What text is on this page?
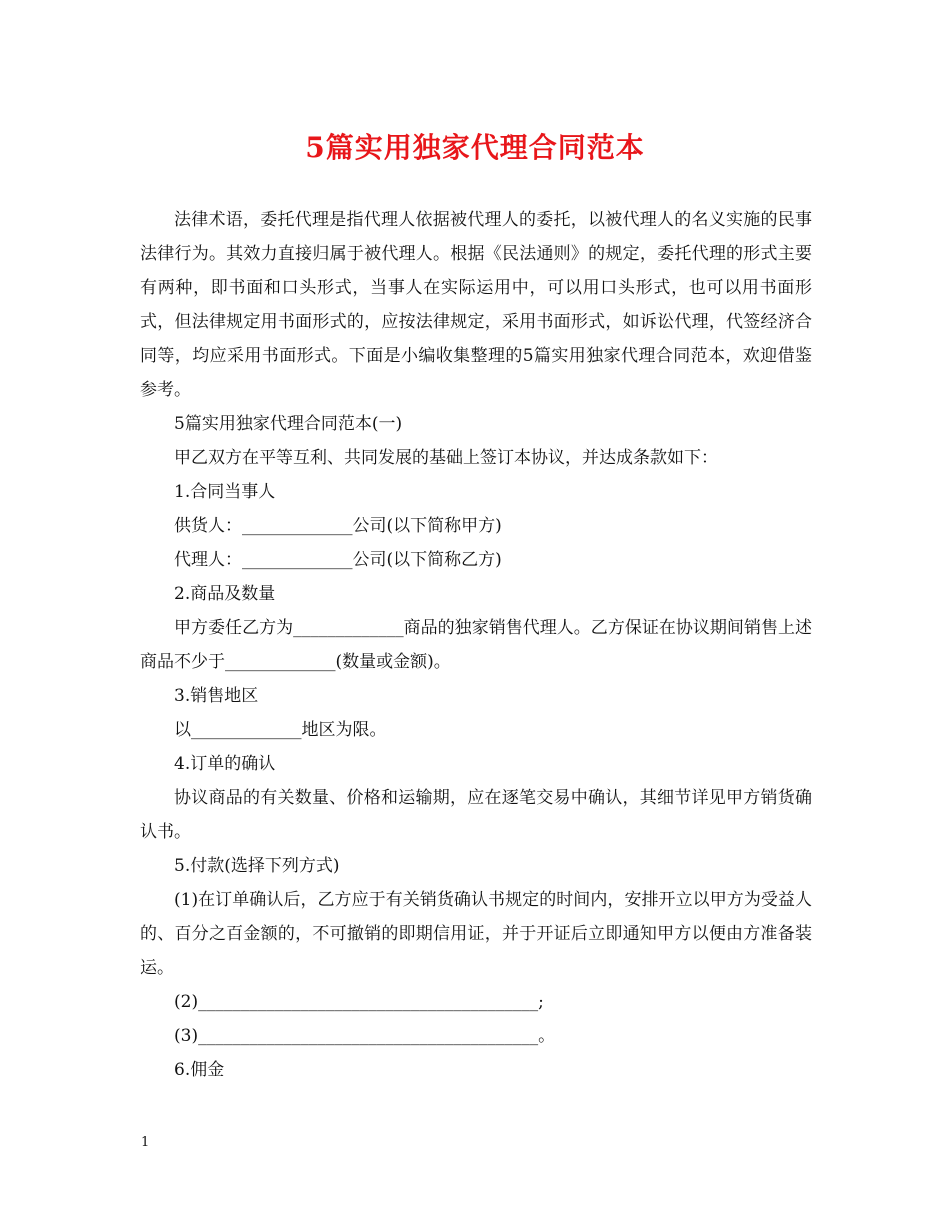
5篇实用独家代理合同范本

法律术语，委托代理是指代理人依据被代理人的委托，以被代理人的名义实施的民事法律行为。其效力直接归属于被代理人。根据《民法通则》的规定，委托代理的形式主要有两种，即书面和口头形式，当事人在实际运用中，可以用口头形式，也可以用书面形式，但法律规定用书面形式的，应按法律规定，采用书面形式，如诉讼代理，代签经济合同等，均应采用书面形式。下面是小编收集整理的5篇实用独家代理合同范本，欢迎借鉴参考。

5篇实用独家代理合同范本(一)

甲乙双方在平等互利、共同发展的基础上签订本协议，并达成条款如下：

1.合同当事人

供货人：_____________公司(以下简称甲方)

代理人：_____________公司(以下简称乙方)

2.商品及数量

甲方委任乙方为_____________商品的独家销售代理人。乙方保证在协议期间销售上述商品不少于_____________(数量或金额)。

3.销售地区

以_____________地区为限。

4.订单的确认

协议商品的有关数量、价格和运输期，应在逐笔交易中确认，其细节详见甲方销货确认书。

5.付款(选择下列方式)

(1)在订单确认后，乙方应于有关销货确认书规定的时间内，安排开立以甲方为受益人的、百分之百金额的，不可撤销的即期信用证，并于开证后立即通知甲方以便由方准备装运。

(2)________________________________________;

(3)________________________________________。

6.佣金

1
